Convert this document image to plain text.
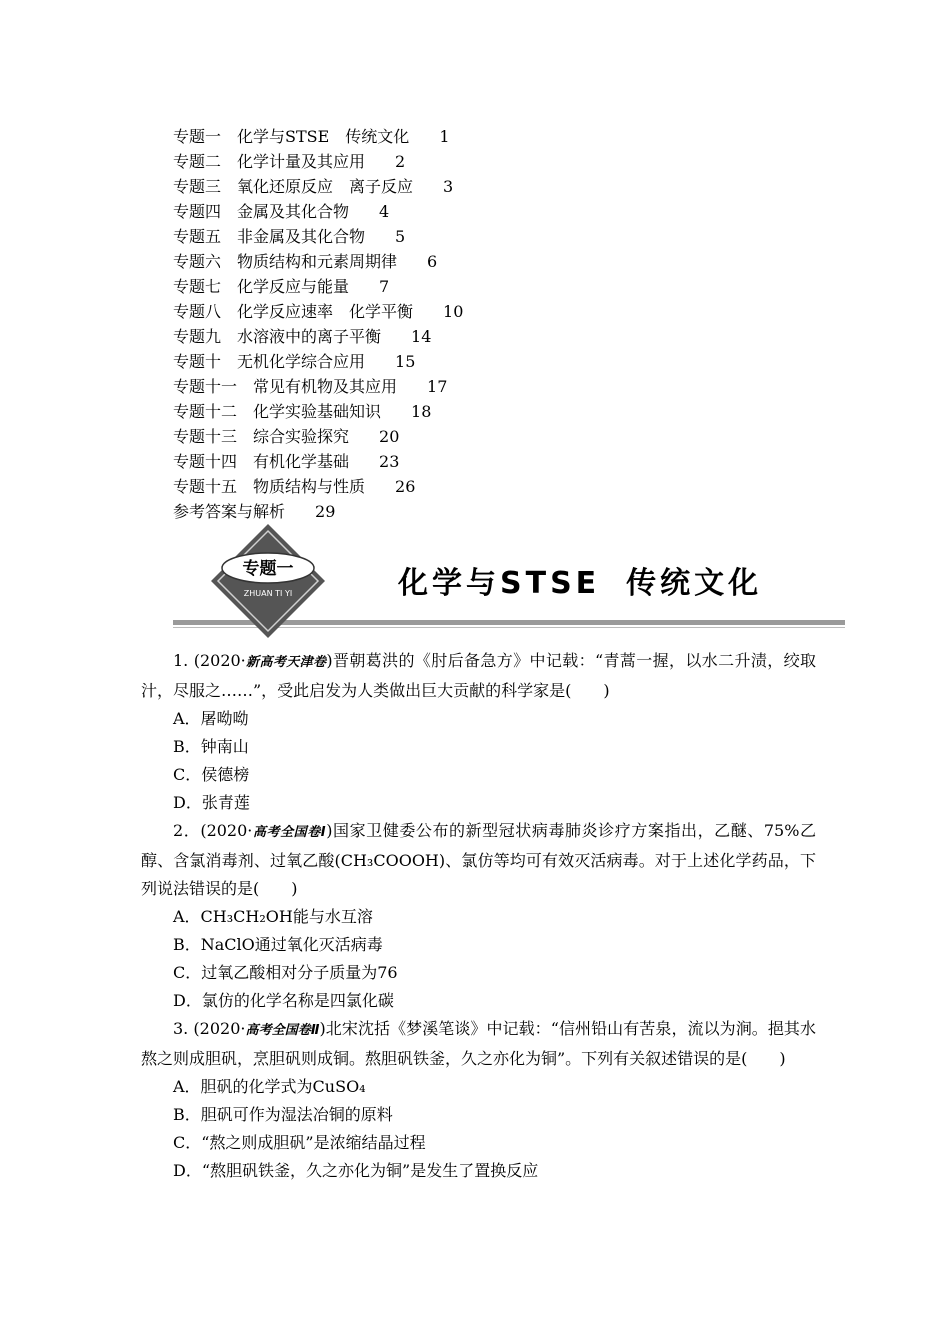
专题一　 化学与STSE　传统文化 1
专题二　 化学计量及其应用 2
专题三　 氧化还原反应　离子反应 3
专题四　 金属及其化合物 4
专题五　 非金属及其化合物 5
专题六　 物质结构和元素周期律 6
专题七　 化学反应与能量 7
专题八　 化学反应速率　化学平衡 10
专题九　 水溶液中的离子平衡 14
专题十　 无机化学综合应用 15
专题十一　 常见有机物及其应用 17
专题十二　 化学实验基础知识 18
专题十三　 综合实验探究 20
专题十四　 有机化学基础 23
专题十五　 物质结构与性质 26
参考答案与解析 29
专题一
ZHUAN TI YI	化学与STSE 传统文化
1. (2020·新高考天津卷)晋朝葛洪的《肘后备急方》中记载：“青蒿一握，以水二升渍，绞取汁，尽服之……”，受此启发为人类做出巨大贡献的科学家是(　　)
A．屠呦呦
B．钟南山
C．侯德榜
D．张青莲
2．(2020·高考全国卷Ⅰ)国家卫健委公布的新型冠状病毒肺炎诊疗方案指出，乙醚、75%乙醇、含氯消毒剂、过氧乙酸(CH₃COOOH)、氯仿等均可有效灭活病毒。对于上述化学药品，下列说法错误的是(　　)
A．CH₃CH₂OH能与水互溶
B．NaClO通过氧化灭活病毒
C．过氧乙酸相对分子质量为76
D．氯仿的化学名称是四氯化碳
3. (2020·高考全国卷Ⅱ)北宋沈括《梦溪笔谈》中记载：“信州铅山有苦泉，流以为涧。挹其水熬之则成胆矾，烹胆矾则成铜。熬胆矾铁釜，久之亦化为铜”。下列有关叙述错误的是(　　)
A．胆矾的化学式为CuSO₄
B．胆矾可作为湿法冶铜的原料
C．“熬之则成胆矾”是浓缩结晶过程
D．“熬胆矾铁釜，久之亦化为铜”是发生了置换反应
